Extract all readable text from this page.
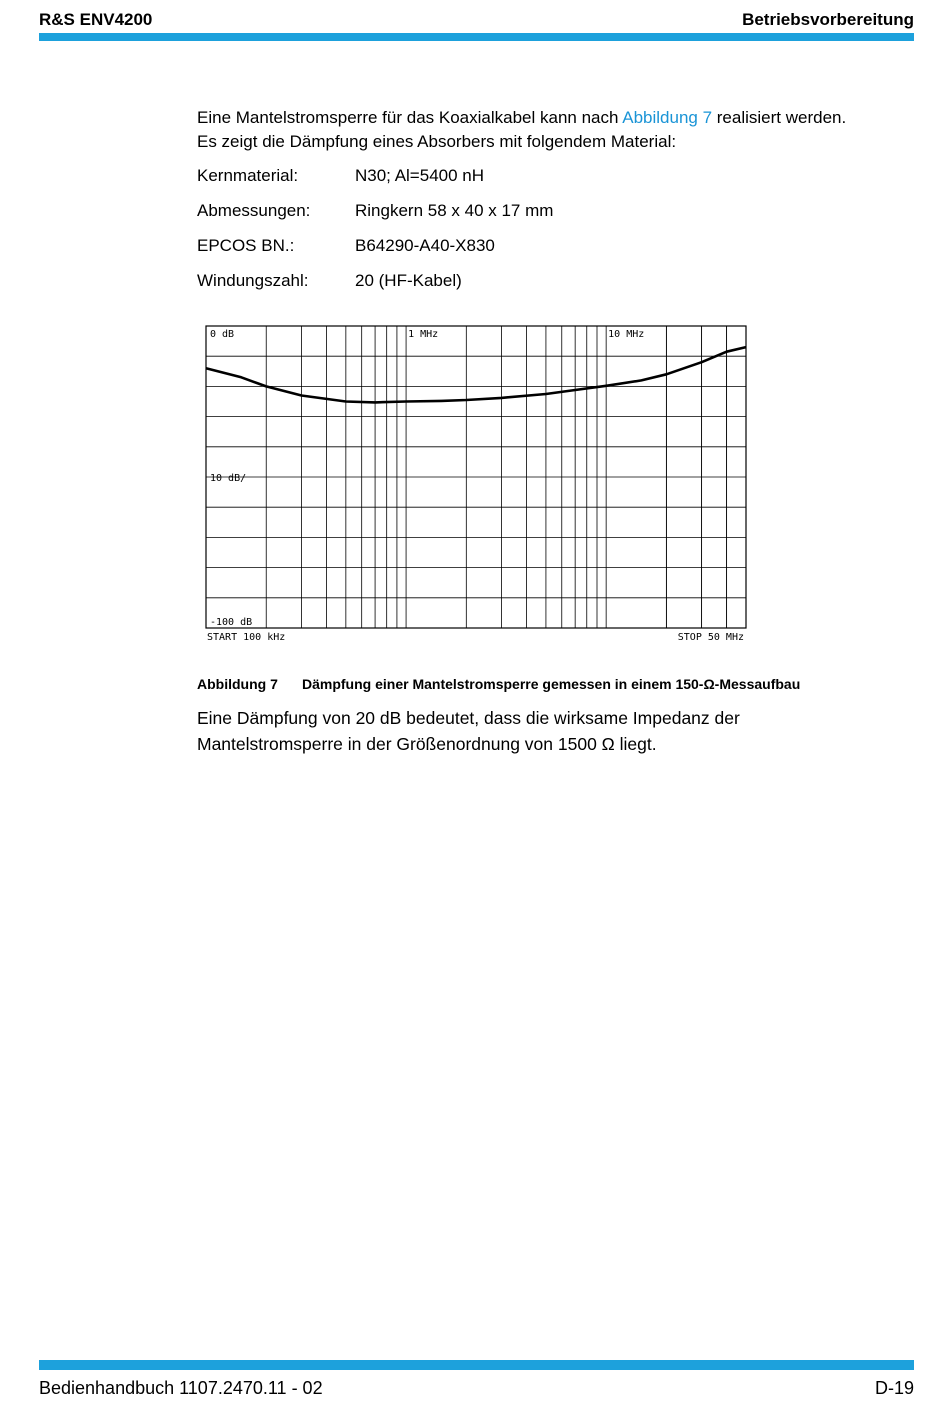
R&S ENV4200	Betriebsvorbereitung
Eine Mantelstromsperre für das Koaxialkabel kann nach Abbildung 7 realisiert werden.
Es zeigt die Dämpfung eines Absorbers mit folgendem Material:
Kernmaterial:	N30; Al=5400 nH
Abmessungen:	Ringkern 58 x 40 x 17 mm
EPCOS BN.:	B64290-A40-X830
Windungszahl:	20 (HF-Kabel)
0 dB	1 MHz	10 MHz
10 dB/
-100 dB
START 100 kHz	STOP 50 MHz
Abbildung 7 Dämpfung einer Mantelstromsperre gemessen in einem 150-Ω-Messaufbau
Eine Dämpfung von 20 dB bedeutet, dass die wirksame Impedanz der
Mantelstromsperre in der Größenordnung von 1500 Ω liegt.
Bedienhandbuch 1107.2470.11 - 02	D-19
